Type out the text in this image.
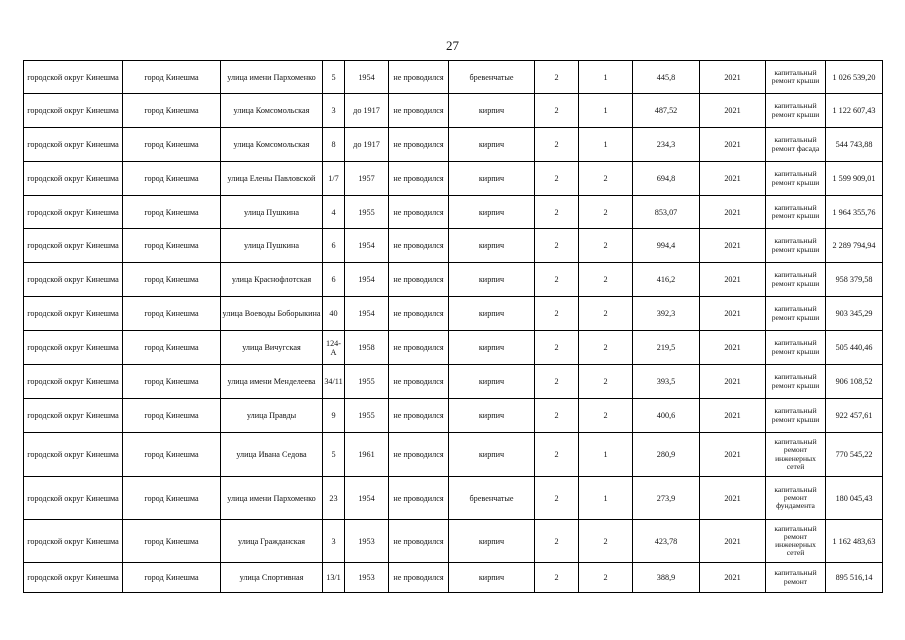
27
городской округ Кинешма	город Кинешма	улица имени Пархоменко	5	1954	не проводился	бревенчатые	2	1	445,8	2021	капитальный ремонт крыши	1 026 539,20
городской округ Кинешма	город Кинешма	улица Комсомольская	3	до 1917	не проводился	кирпич	2	1	487,52	2021	капитальный ремонт крыши	1 122 607,43
городской округ Кинешма	город Кинешма	улица Комсомольская	8	до 1917	не проводился	кирпич	2	1	234,3	2021	капитальный ремонт фасада	544 743,88
городской округ Кинешма	город Кинешма	улица Елены Павловской	1/7	1957	не проводился	кирпич	2	2	694,8	2021	капитальный ремонт крыши	1 599 909,01
городской округ Кинешма	город Кинешма	улица Пушкина	4	1955	не проводился	кирпич	2	2	853,07	2021	капитальный ремонт крыши	1 964 355,76
городской округ Кинешма	город Кинешма	улица Пушкина	6	1954	не проводился	кирпич	2	2	994,4	2021	капитальный ремонт крыши	2 289 794,94
городской округ Кинешма	город Кинешма	улица Краснофлотская	6	1954	не проводился	кирпич	2	2	416,2	2021	капитальный ремонт крыши	958 379,58
городской округ Кинешма	город Кинешма	улица Воеводы Боборыкина	40	1954	не проводился	кирпич	2	2	392,3	2021	капитальный ремонт крыши	903 345,29
городской округ Кинешма	город Кинешма	улица Вичугская	124-А	1958	не проводился	кирпич	2	2	219,5	2021	капитальный ремонт крыши	505 440,46
городской округ Кинешма	город Кинешма	улица имени Менделеева	34/11	1955	не проводился	кирпич	2	2	393,5	2021	капитальный ремонт крыши	906 108,52
городской округ Кинешма	город Кинешма	улица Правды	9	1955	не проводился	кирпич	2	2	400,6	2021	капитальный ремонт крыши	922 457,61
городской округ Кинешма	город Кинешма	улица Ивана Седова	5	1961	не проводился	кирпич	2	1	280,9	2021	капитальный ремонт инженерных сетей	770 545,22
городской округ Кинешма	город Кинешма	улица имени Пархоменко	23	1954	не проводился	бревенчатые	2	1	273,9	2021	капитальный ремонт фундамента	180 045,43
городской округ Кинешма	город Кинешма	улица Гражданская	3	1953	не проводился	кирпич	2	2	423,78	2021	капитальный ремонт инженерных сетей	1 162 483,63
городской округ Кинешма	город Кинешма	улица Спортивная	13/1	1953	не проводился	кирпич	2	2	388,9	2021	капитальный ремонт	895 516,14
